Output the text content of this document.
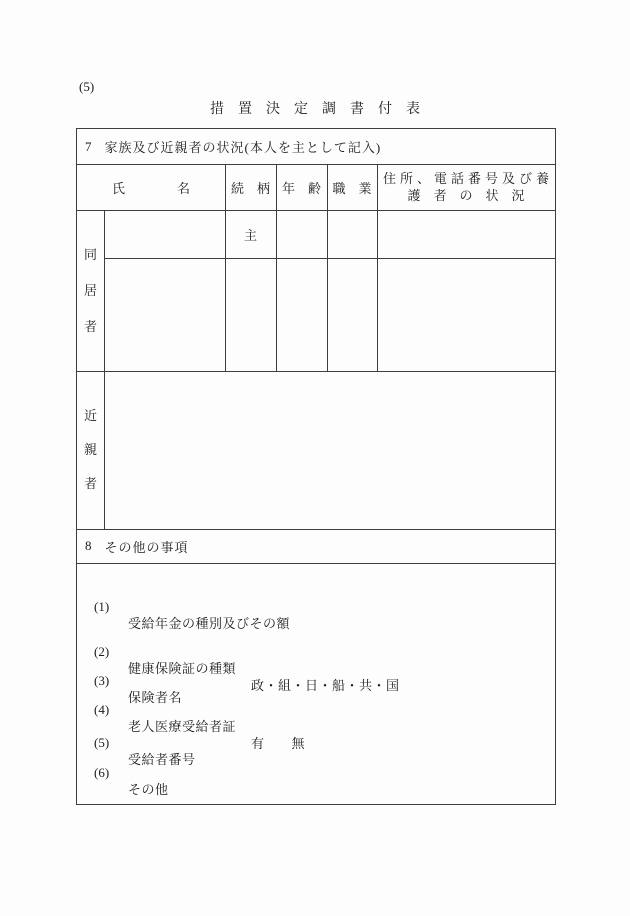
(5)
措　置　決　定　調　書　付　表
7 家族及び近親者の状況(本人を主として記入)
氏　　　　名	続　柄 年　齢 職　業
住所、電話番号及び養
護者の状況
同
居
者
主
近
親
者
8 その他の事項

(1)

受給年金の種別及びその額

(2)

健康保険証の種類

政・組・日・船・共・国

(3)

保険者名

(4)

老人医療受給者証

有　　無

(5)

受給者番号

(6)

その他
